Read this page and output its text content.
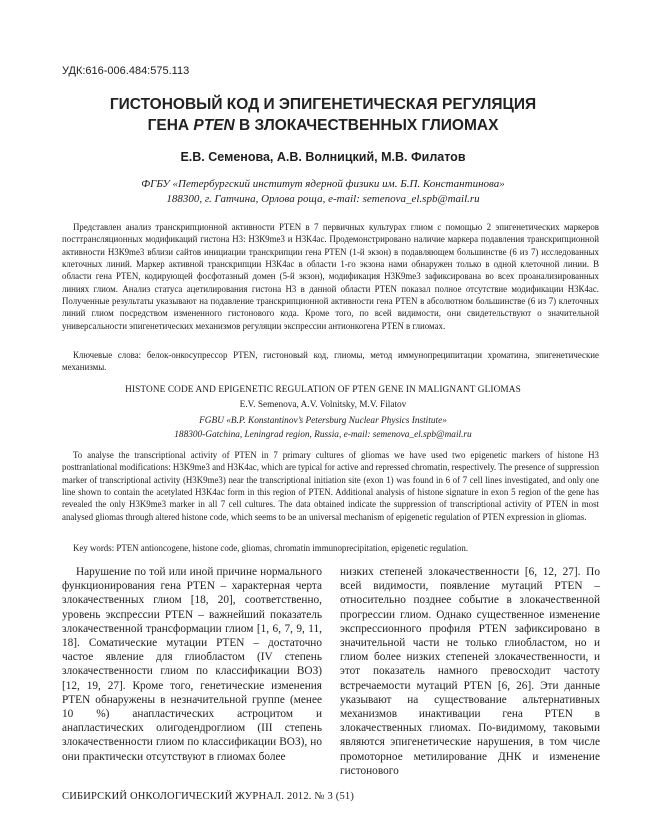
УДК:616-006.484:575.113
ГИСТОНОВЫЙ КОД И ЭПИГЕНЕТИЧЕСКАЯ РЕГУЛЯЦИЯ
ГЕНА PTEN В ЗЛОКАЧЕСТВЕННЫХ ГЛИОМАХ
Е.В. Семенова, А.В. Волницкий, М.В. Филатов
ФГБУ «Петербургский институт ядерной физики им. Б.П. Константинова»
188300, г. Гатчина, Орлова роща, e-mail: semenova_el.spb@mail.ru

Представлен анализ транскрипционной активности PTEN в 7 первичных культурах глиом с помощью 2 эпигенетических маркеров посттрансляционных модификаций гистона Н3: Н3К9me3 и Н3К4ас. Продемонстрировано наличие маркера подавления транскрипционной активности Н3К9me3 вблизи сайтов инициации транскрипции гена PTEN (1-й экзон) в подавляющем большинстве (6 из 7) исследованных клеточных линий. Маркер активной транскрипции Н3К4ас в области 1-го экзона нами обнаружен только в одной клеточной линии. В области гена PTEN, кодирующей фосфотазный домен (5-й экзон), модификация Н3К9me3 зафиксирована во всех проанализированных линиях глиом. Анализ статуса ацетилирования гистона Н3 в данной области PTEN показал полное отсутствие модификации Н3К4ас. Полученные результаты указывают на подавление транскрипционной активности гена PTEN в абсолютном большинстве (6 из 7) клеточных линий глиом посредством измененного гистонового кода. Кроме того, по всей видимости, они свидетельствуют о значительной универсальности эпигенетических механизмов регуляции экспрессии антионкогена PTEN в глиомах.

Ключевые слова: белок-онкосупрессор PTEN, гистоновый код, глиомы, метод иммунопреципитации хроматина, эпигенетические механизмы.

HISTONE CODE AND EPIGENETIC REGULATION OF PTEN GENE IN MALIGNANT GLIOMAS
E.V. Semenova, A.V. Volnitsky, M.V. Filatov
FGBU «B.P. Konstantinov’s Petersburg Nuclear Physics Institute»
188300-Gatchina, Leningrad region, Russia, e-mail: semenova_el.spb@mail.ru

To analyse the transcriptional activity of PTEN in 7 primary cultures of gliomas we have used two epigenetic markers of histone H3 posttranlational modifications: H3K9me3 and H3K4ac, which are typical for active and repressed chromatin, respectively. The presence of suppression marker of transcriptional activity (H3K9me3) near the transcriptional initiation site (exon 1) was found in 6 of 7 cell lines investigated, and only one line shown to contain the acetylated H3K4ac form in this region of PTEN. Additional analysis of histone signature in exon 5 region of the gene has revealed the only H3K9me3 marker in all 7 cell cultures. The data obtained indicate the suppression of transcriptional activity of PTEN in most analysed gliomas through altered histone code, which seems to be an universal mechanism of epigenetic regulation of PTEN expression in gliomas.

Key words: PTEN antioncogene, histone code, gliomas, chromatin immunoprecipitation, epigenetic regulation.

Нарушение по той или иной причине нормального функционирования гена PTEN – характерная черта злокачественных глиом [18, 20], соответственно, уровень экспрессии PTEN – важнейший показатель злокачественной трансформации глиом [1, 6, 7, 9, 11, 18]. Соматические мутации PTEN – достаточно частое явление для глиобластом (IV степень злокачественности глиом по классификации ВОЗ) [12, 19, 27]. Кроме того, генетические изменения PTEN обнаружены в незначительной группе (менее 10 %) анапластических астроцитом и анапластических олигодендроглиом (III степень злокачественности глиом по классификации ВОЗ), но они практически отсутствуют в глиомах более

низких степеней злокачественности [6, 12, 27]. По всей видимости, появление мутаций PTEN – относительно позднее событие в злокачественной прогрессии глиом. Однако существенное изменение экспрессионного профиля PTEN зафиксировано в значительной части не только глиобластом, но и глиом более низких степеней злокачественности, и этот показатель намного превосходит частоту встречаемости мутаций PTEN [6, 26]. Эти данные указывают на существование альтернативных механизмов инактивации гена PTEN в злокачественных глиомах. По-видимому, таковыми являются эпигенетические нарушения, в том числе промоторное метилирование ДНК и изменение гистонового

СИБИРСКИЙ ОНКОЛОГИЧЕСКИЙ ЖУРНАЛ. 2012. № 3 (51)
